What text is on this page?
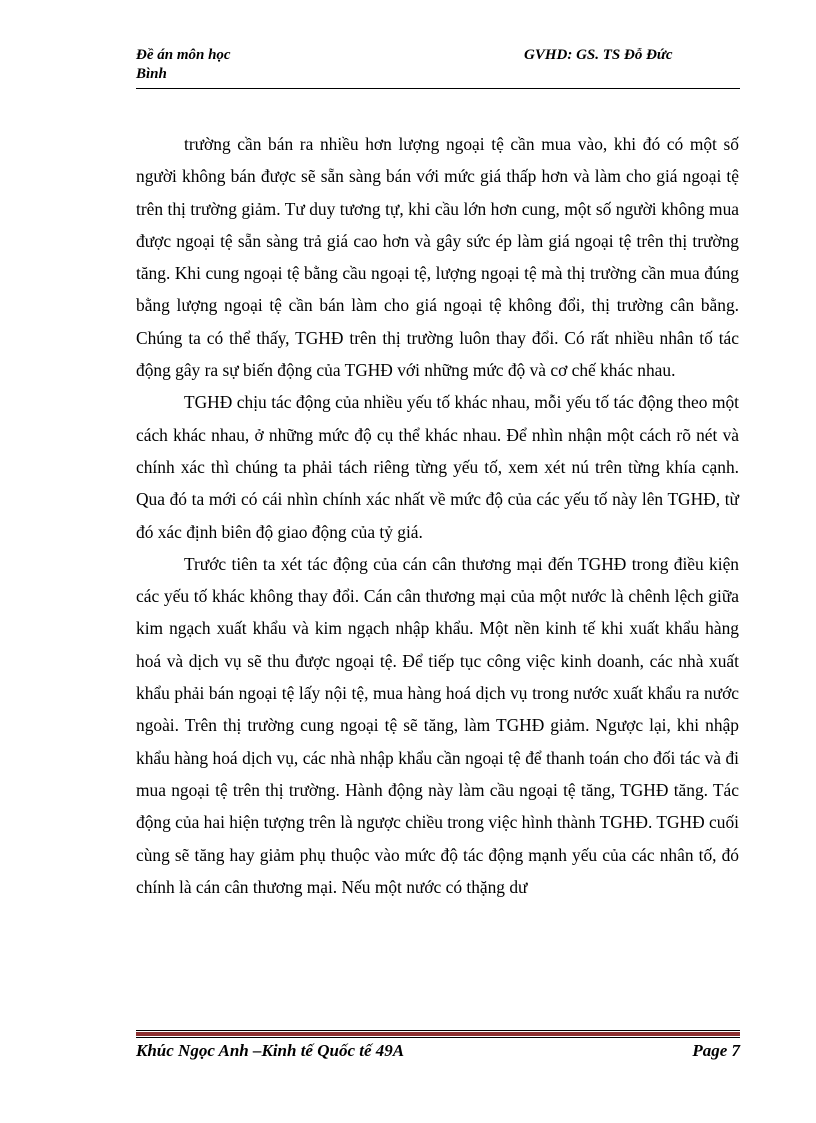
Đề án môn học	GVHD: GS. TS Đỗ Đức
Bình

trường cần bán ra nhiều hơn lượng ngoại tệ cần mua vào, khi đó có một số người không bán được sẽ sẵn sàng bán với mức giá thấp hơn và làm cho giá ngoại tệ trên thị trường giảm. Tư duy tương tự, khi cầu lớn hơn cung, một số người không mua được ngoại tệ sẵn sàng trả giá cao hơn và gây sức ép làm giá ngoại tệ trên thị trường tăng. Khi cung ngoại tệ bằng cầu ngoại tệ, lượng ngoại tệ mà thị trường cần mua đúng bằng lượng ngoại tệ cần bán làm cho giá ngoại tệ không đổi, thị trường cân bằng. Chúng ta có thể thấy, TGHĐ trên thị trường luôn thay đổi. Có rất nhiều nhân tố tác động gây ra sự biến động của TGHĐ với những mức độ và cơ chế khác nhau.

TGHĐ chịu tác động của nhiều yếu tố khác nhau, mỗi yếu tố tác động theo một cách khác nhau, ở những mức độ cụ thể khác nhau. Để nhìn nhận một cách rõ nét và chính xác thì chúng ta phải tách riêng từng yếu tố, xem xét nú trên từng khía cạnh. Qua đó ta mới có cái nhìn chính xác nhất về mức độ của các yếu tố này lên TGHĐ, từ đó xác định biên độ giao động của tỷ giá.

Trước tiên ta xét tác động của cán cân thương mại đến TGHĐ trong điều kiện các yếu tố khác không thay đổi. Cán cân thương mại của một nước là chênh lệch giữa kim ngạch xuất khẩu và kim ngạch nhập khẩu. Một nền kinh tế khi xuất khẩu hàng hoá và dịch vụ sẽ thu được ngoại tệ. Để tiếp tục công việc kinh doanh, các nhà xuất khẩu phải bán ngoại tệ lấy nội tệ, mua hàng hoá dịch vụ trong nước xuất khẩu ra nước ngoài. Trên thị trường cung ngoại tệ sẽ tăng, làm TGHĐ giảm. Ngược lại, khi nhập khẩu hàng hoá dịch vụ, các nhà nhập khẩu cần ngoại tệ để thanh toán cho đối tác và đi mua ngoại tệ trên thị trường. Hành động này làm cầu ngoại tệ tăng, TGHĐ tăng. Tác động của hai hiện tượng trên là ngược chiều trong việc hình thành TGHĐ. TGHĐ cuối cùng sẽ tăng hay giảm phụ thuộc vào mức độ tác động mạnh yếu của các nhân tố, đó chính là cán cân thương mại. Nếu một nước có thặng dư

Khúc Ngọc Anh –Kinh tế Quốc tế 49A	Page 7
